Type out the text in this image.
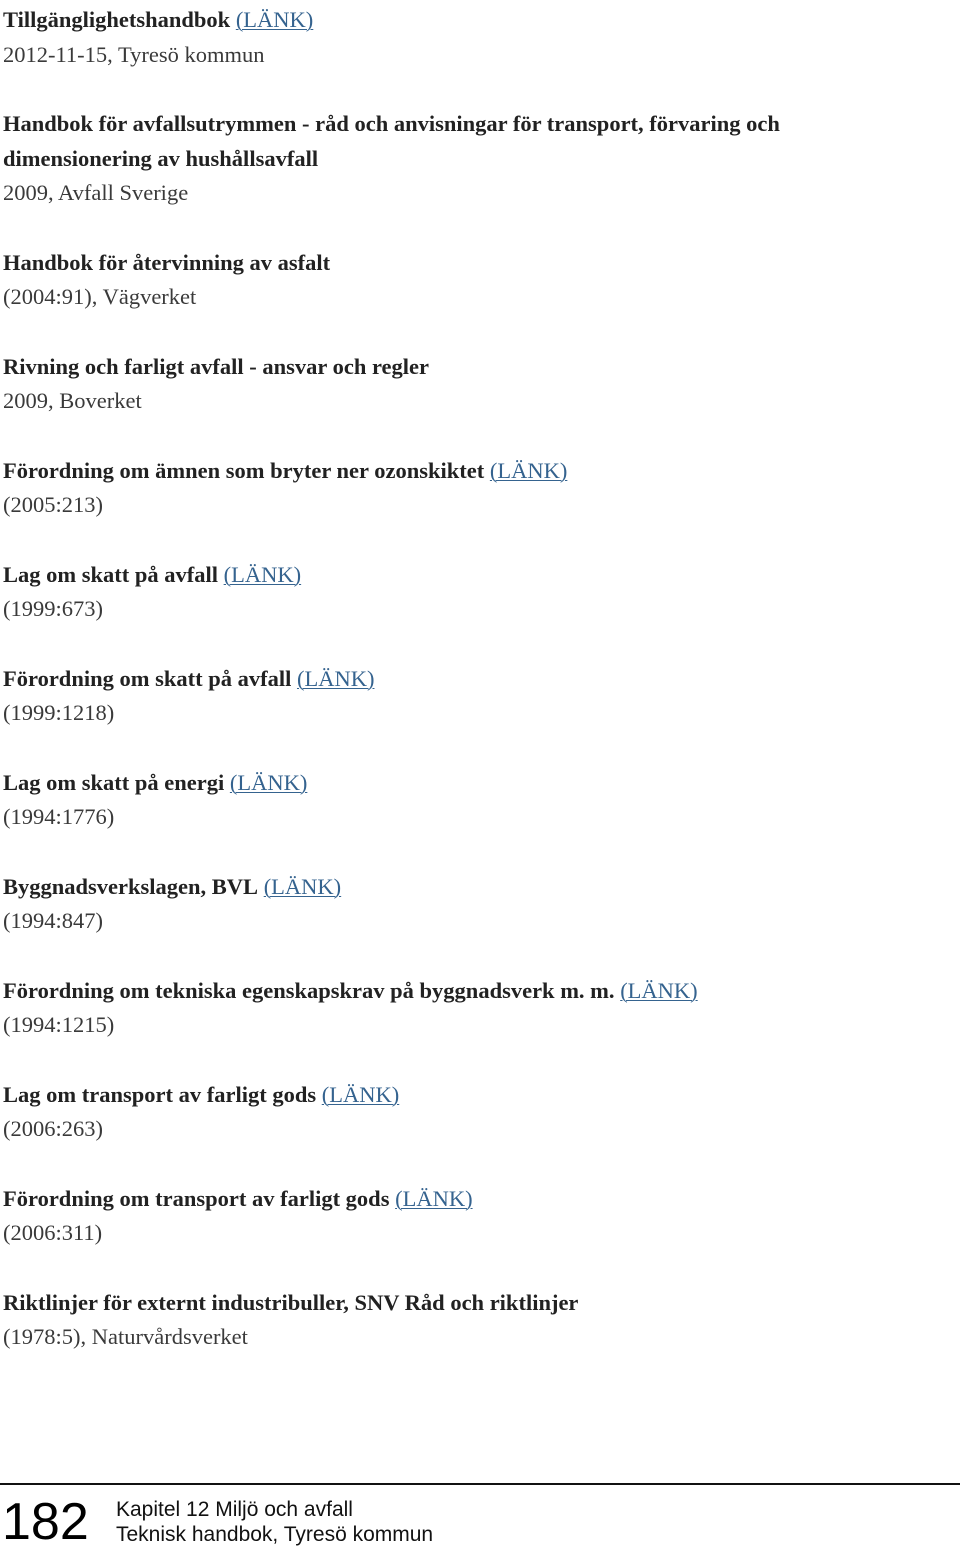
Tillgänglighetshandbok (LÄNK)
2012-11-15, Tyresö kommun
Handbok för avfallsutrymmen - råd och anvisningar för transport, förvaring och
dimensionering av hushållsavfall
2009, Avfall Sverige
Handbok för återvinning av asfalt
(2004:91), Vägverket
Rivning och farligt avfall - ansvar och regler
2009, Boverket
Förordning om ämnen som bryter ner ozonskiktet (LÄNK)
(2005:213)
Lag om skatt på avfall (LÄNK)
(1999:673)
Förordning om skatt på avfall (LÄNK)
(1999:1218)
Lag om skatt på energi (LÄNK)
(1994:1776)
Byggnadsverkslagen, BVL (LÄNK)
(1994:847)
Förordning om tekniska egenskapskrav på byggnadsverk m. m. (LÄNK)
(1994:1215)
Lag om transport av farligt gods (LÄNK)
(2006:263)
Förordning om transport av farligt gods (LÄNK)
(2006:311)
Riktlinjer för externt industribuller, SNV Råd och riktlinjer
(1978:5), Naturvårdsverket
182 Kapitel 12 Miljö och avfall
Teknisk handbok, Tyresö kommun
